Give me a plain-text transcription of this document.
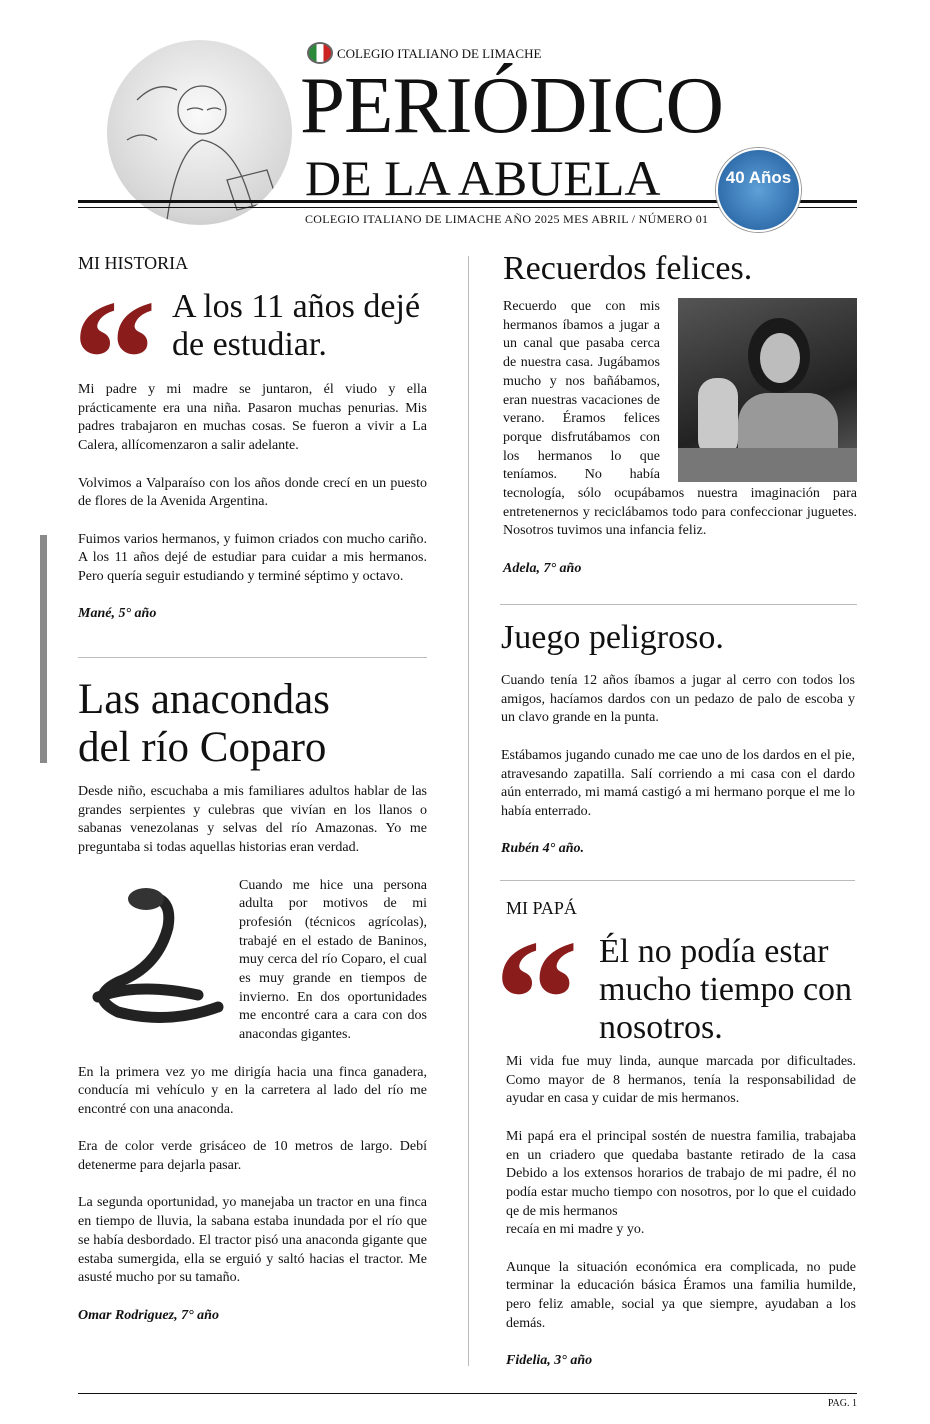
COLEGIO ITALIANO DE LIMACHE
PERIÓDICO
DE LA ABUELA
COLEGIO ITALIANO DE LIMACHE AÑO 2025 MES ABRIL / NÚMERO 01
40 Años
MI HISTORIA
“
A los 11 años dejé de estudiar.

Mi padre y mi madre se juntaron, él viudo y ella prácticamente era una niña. Pasaron muchas penurias. Mis padres trabajaron en muchas cosas. Se fueron a vivir a La Calera, allícomenzaron a salir adelante.

Volvimos a Valparaíso con los años donde crecí en un puesto de flores de la Avenida Argentina.

Fuimos varios hermanos, y fuimon criados con mucho cariño. A los 11 años dejé de estudiar para cuidar a mis hermanos. Pero quería seguir estudiando y terminé séptimo y octavo.

Mané, 5° año
Las anacondas del río Coparo

Desde niño, escuchaba a mis familiares adultos hablar de las grandes serpientes y culebras que vivían en los llanos o sabanas venezolanas y selvas del río Amazonas. Yo me preguntaba si todas aquellas historias eran verdad.

Cuando me hice una persona adulta por motivos de mi profesión (técnicos agrícolas), trabajé en el estado de Baninos, muy cerca del río Coparo, el cual es muy grande en tiempos de invierno. En dos oportunidades me encontré cara a cara con dos anacondas gigantes.

En la primera vez yo me dirigía hacia una finca ganadera, conducía mi vehículo y en la carretera al lado del río me encontré con una anaconda.

Era de color verde grisáceo de 10 metros de largo. Debí detenerme para dejarla pasar.

La segunda oportunidad, yo manejaba un tractor en una finca en tiempo de lluvia, la sabana estaba inundada por el río que se había desbordado. El tractor pisó una anaconda gigante que estaba sumergida, ella se erguió y saltó hacias el tractor. Me asusté mucho por su tamaño.

Omar Rodriguez, 7° año
Recuerdos felices.

Recuerdo que con mis hermanos íbamos a jugar a un canal que pasaba cerca de nuestra casa. Jugábamos mucho y nos bañábamos, eran nuestras vacaciones de verano. Éramos felices porque disfrutábamos con los hermanos lo que teníamos. No había tecnología, sólo ocupábamos nuestra imaginación para entretenernos y reciclábamos todo para confeccionar juguetes. Nosotros tuvimos una infancia feliz.

Adela, 7° año
Juego peligroso.

Cuando tenía 12 años íbamos a jugar al cerro con todos los amigos, hacíamos dardos con un pedazo de palo de escoba y un clavo grande en la punta.

Estábamos jugando cunado me cae uno de los dardos en el pie, atravesando zapatilla. Salí corriendo a mi casa con el dardo aún enterrado, mi mamá castigó a mi hermano porque el me lo había enterrado.

Rubén 4° año.
MI PAPÁ
“
Él no podía estar mucho tiempo con nosotros.

Mi vida fue muy linda, aunque marcada por dificultades. Como mayor de 8 hermanos, tenía la responsabilidad de ayudar en casa y cuidar de mis hermanos.

Mi papá era el principal sostén de nuestra familia, trabajaba en un criadero que quedaba bastante retirado de la casa Debido a los extensos horarios de trabajo de mi padre, él no podía estar mucho tiempo con nosotros, por lo que el cuidado qe de mis hermanos
recaía en mi madre y yo.

Aunque la situación económica era complicada, no pude terminar la educación básica Éramos una familia humilde, pero feliz amable, social ya que siempre, ayudaban a los demás.

Fidelia, 3° año
PAG. 1
